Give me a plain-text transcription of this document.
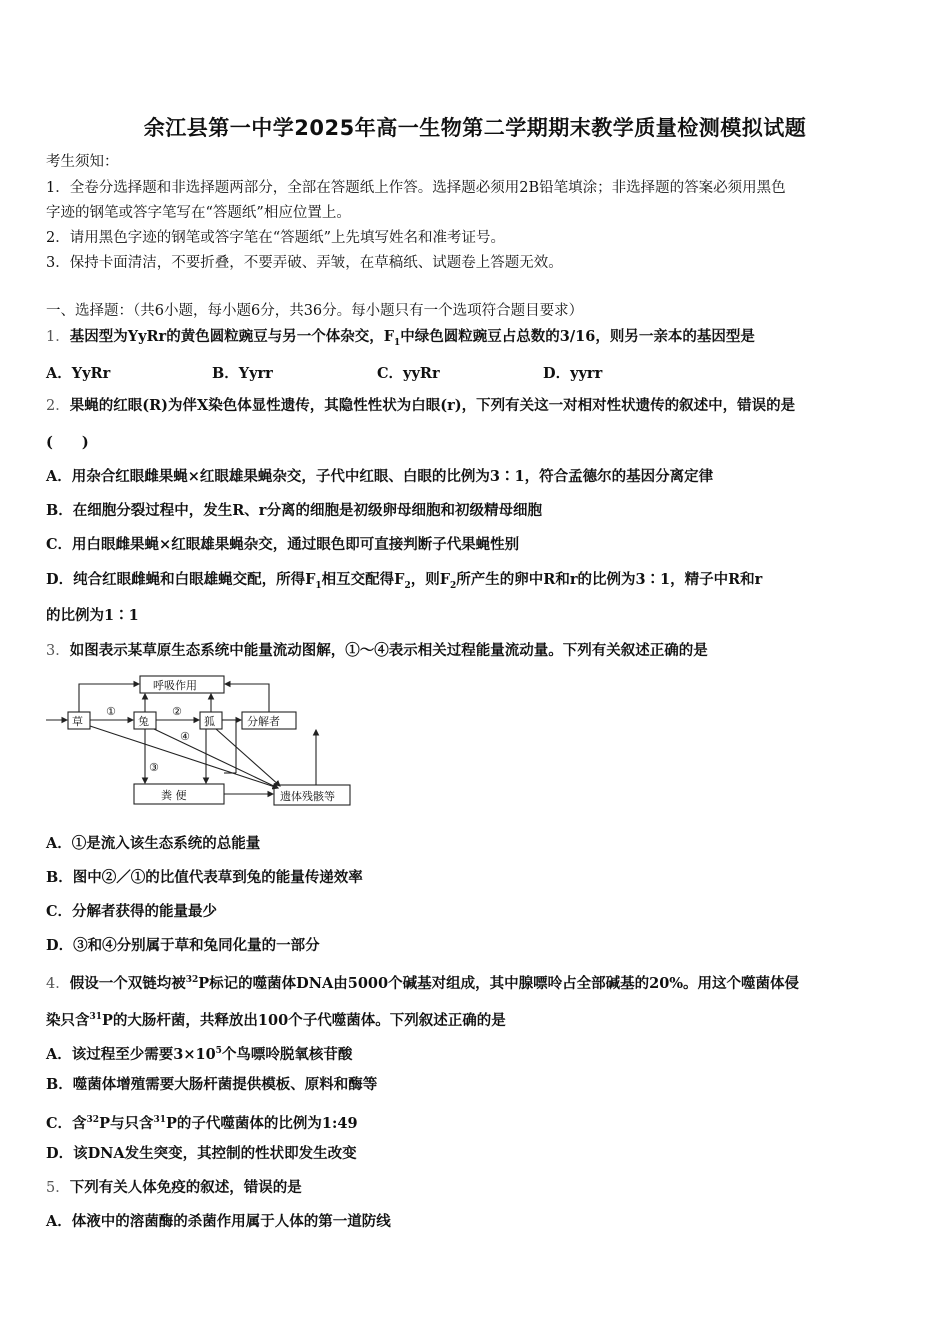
余江县第一中学2025年高一生物第二学期期末教学质量检测模拟试题
考生须知：
1．全卷分选择题和非选择题两部分，全部在答题纸上作答。选择题必须用2B铅笔填涂；非选择题的答案必须用黑色
字迹的钢笔或答字笔写在“答题纸”相应位置上。
2．请用黑色字迹的钢笔或答字笔在“答题纸”上先填写姓名和准考证号。
3．保持卡面清洁，不要折叠，不要弄破、弄皱，在草稿纸、试题卷上答题无效。
一、选择题：（共6小题，每小题6分，共36分。每小题只有一个选项符合题目要求）
1．基因型为YyRr的黄色圆粒豌豆与另一个体杂交，$F_1$中绿色圆粒豌豆占总数的3/16，则另一亲本的基因型是
A．YyRr	B．Yyrr	C．yyRr	D．yyrr
2．果蝇的红眼(R)为伴X染色体显性遗传，其隐性性状为白眼(r)，下列有关这一对相对性状遗传的叙述中，错误的是
(　　)
A．用杂合红眼雌果蝇×红眼雄果蝇杂交，子代中红眼、白眼的比例为3∶1，符合孟德尔的基因分离定律
B．在细胞分裂过程中，发生R、r分离的细胞是初级卵母细胞和初级精母细胞
C．用白眼雌果蝇×红眼雄果蝇杂交，通过眼色即可直接判断子代果蝇性别
D．纯合红眼雌蝇和白眼雄蝇交配，所得$F_1$相互交配得$F_2$，则$F_2$所产生的卵中R和r的比例为3∶1，精子中R和r
的比例为1∶1
3．如图表示某草原生态系统中能量流动图解，①～④表示相关过程能量流动量。下列有关叙述正确的是
呼吸作用
草	兔	狐	分解者
粪 便	遗体残骸等
①	②
③
④
A．①是流入该生态系统的总能量
B．图中②／①的比值代表草到兔的能量传递效率
C．分解者获得的能量最少
D．③和④分别属于草和兔同化量的一部分
4．假设一个双链均被$^{32}$P标记的噬菌体DNA由5000个碱基对组成，其中腺嘌呤占全部碱基的20%。用这个噬菌体侵
染只含$^{31}$P的大肠杆菌，共释放出100个子代噬菌体。下列叙述正确的是
A．该过程至少需要$3\times 10^5$个鸟嘌呤脱氧核苷酸
B．噬菌体增殖需要大肠杆菌提供模板、原料和酶等
C．含$^{32}$P与只含$^{31}$P的子代噬菌体的比例为1:49
D．该DNA发生突变，其控制的性状即发生改变
5．下列有关人体免疫的叙述，错误的是
A．体液中的溶菌酶的杀菌作用属于人体的第一道防线
